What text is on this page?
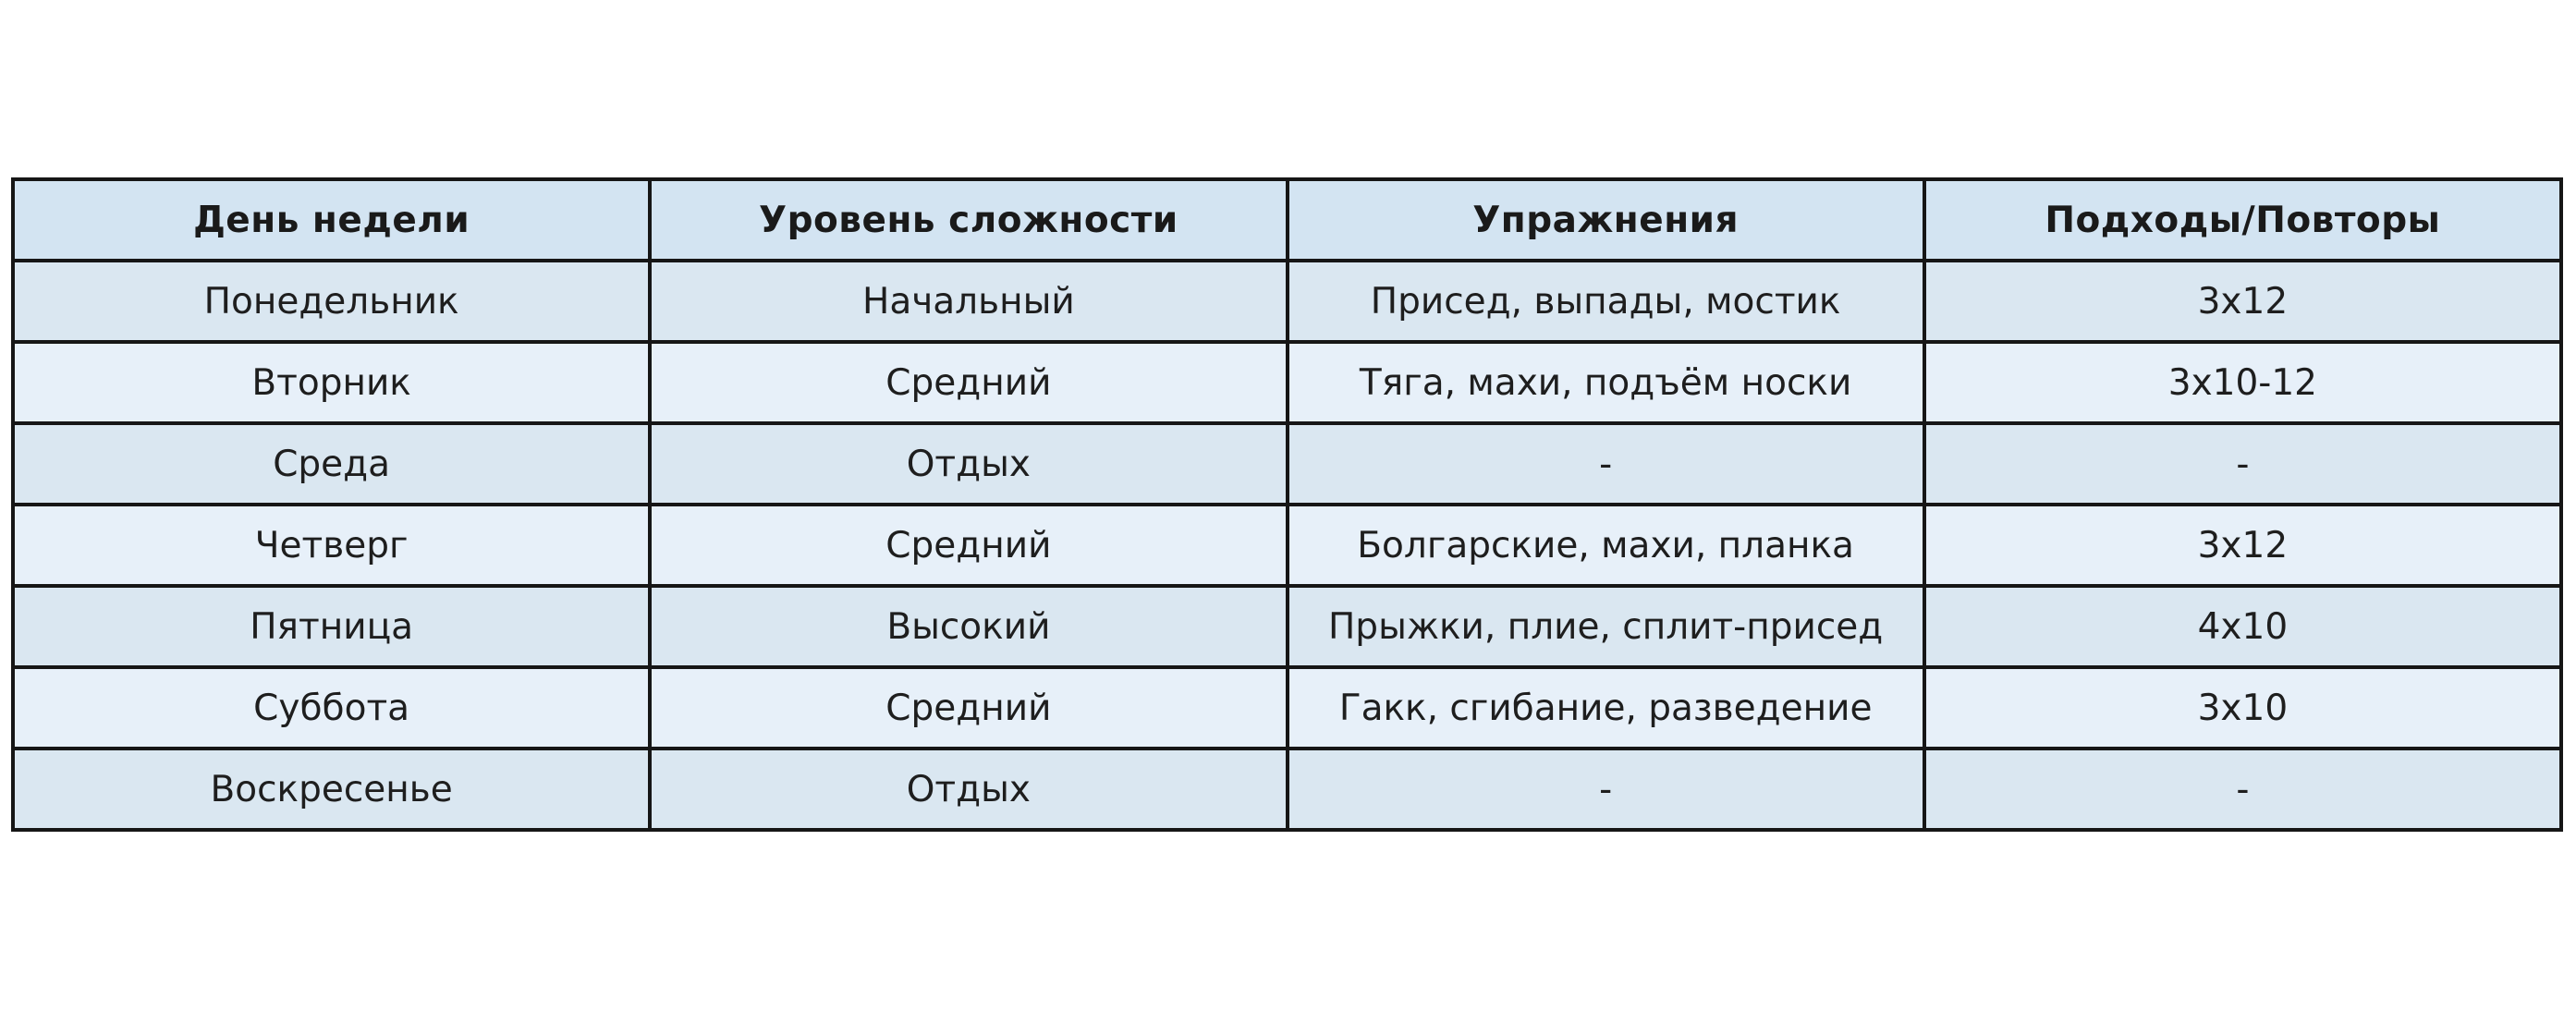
День недели	Уровень сложности	Упражнения	Подходы/Повторы
Понедельник	Начальный	Присед, выпады, мостик	3x12
Вторник	Средний	Тяга, махи, подъём носки	3x10-12
Среда	Отдых	-	-
Четверг	Средний	Болгарские, махи, планка	3x12
Пятница	Высокий	Прыжки, плие, сплит-присед	4x10
Суббота	Средний	Гакк, сгибание, разведение	3x10
Воскресенье	Отдых	-	-
